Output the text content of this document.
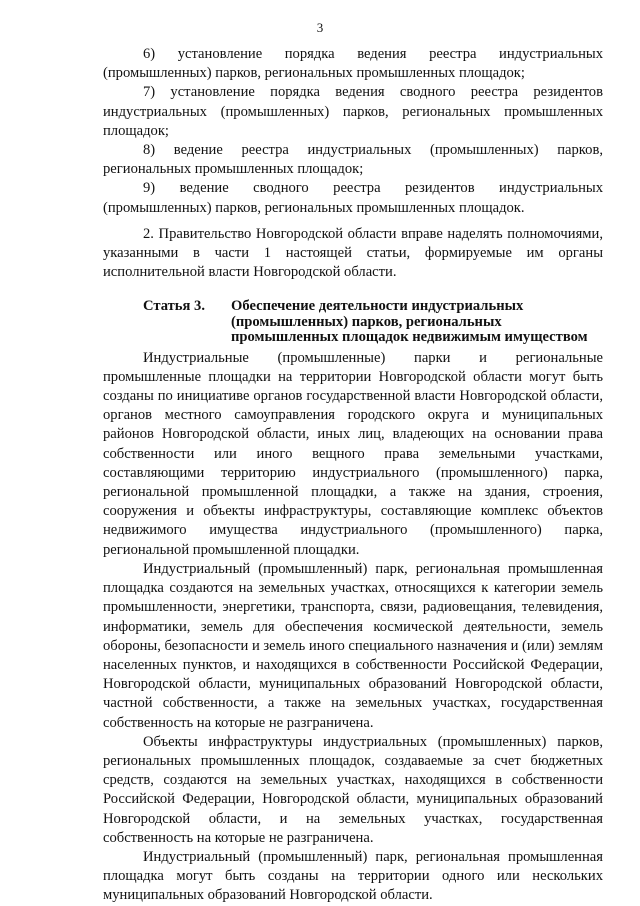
3

6) установление порядка ведения реестра индустриальных (промышленных) парков, региональных промышленных площадок;

7) установление порядка ведения сводного реестра резидентов индустриальных (промышленных) парков, региональных промышленных площадок;

8) ведение реестра индустриальных (промышленных) парков, региональных промышленных площадок;

9) ведение сводного реестра резидентов индустриальных (промышленных) парков, региональных промышленных площадок.

2. Правительство Новгородской области вправе наделять полномочиями, указанными в части 1 настоящей статьи, формируемые им органы исполнительной власти Новгородской области.

Статья 3.	Обеспечение деятельности индустриальных
(промышленных) парков, региональных
промышленных площадок недвижимым имуществом

Индустриальные (промышленные) парки и региональные промышленные площадки на территории Новгородской области могут быть созданы по инициативе органов государственной власти Новгородской области, органов местного самоуправления городского округа и муниципальных районов Новгородской области, иных лиц, владеющих на основании права собственности или иного вещного права земельными участками, составляющими территорию индустриального (промышленного) парка, региональной промышленной площадки, а также на здания, строения, сооружения и объекты инфраструктуры, составляющие комплекс объектов недвижимого имущества индустриального (промышленного) парка, региональной промышленной площадки.

Индустриальный (промышленный) парк, региональная промышленная площадка создаются на земельных участках, относящихся к категории земель промышленности, энергетики, транспорта, связи, радиовещания, телевидения, информатики, земель для обеспечения космической деятельности, земель обороны, безопасности и земель иного специального назначения и (или) землям населенных пунктов, и находящихся в собственности Российской Федерации, Новгородской области, муниципальных образований Новгородской области, частной собственности, а также на земельных участках, государственная собственность на которые не разграничена.

Объекты инфраструктуры индустриальных (промышленных) парков, региональных промышленных площадок, создаваемые за счет бюджетных средств, создаются на земельных участках, находящихся в собственности Российской Федерации, Новгородской области, муниципальных образований Новгородской области, и на земельных участках, государственная собственность на которые не разграничена.

Индустриальный (промышленный) парк, региональная промышленная площадка могут быть созданы на территории одного или нескольких муниципальных образований Новгородской области.
